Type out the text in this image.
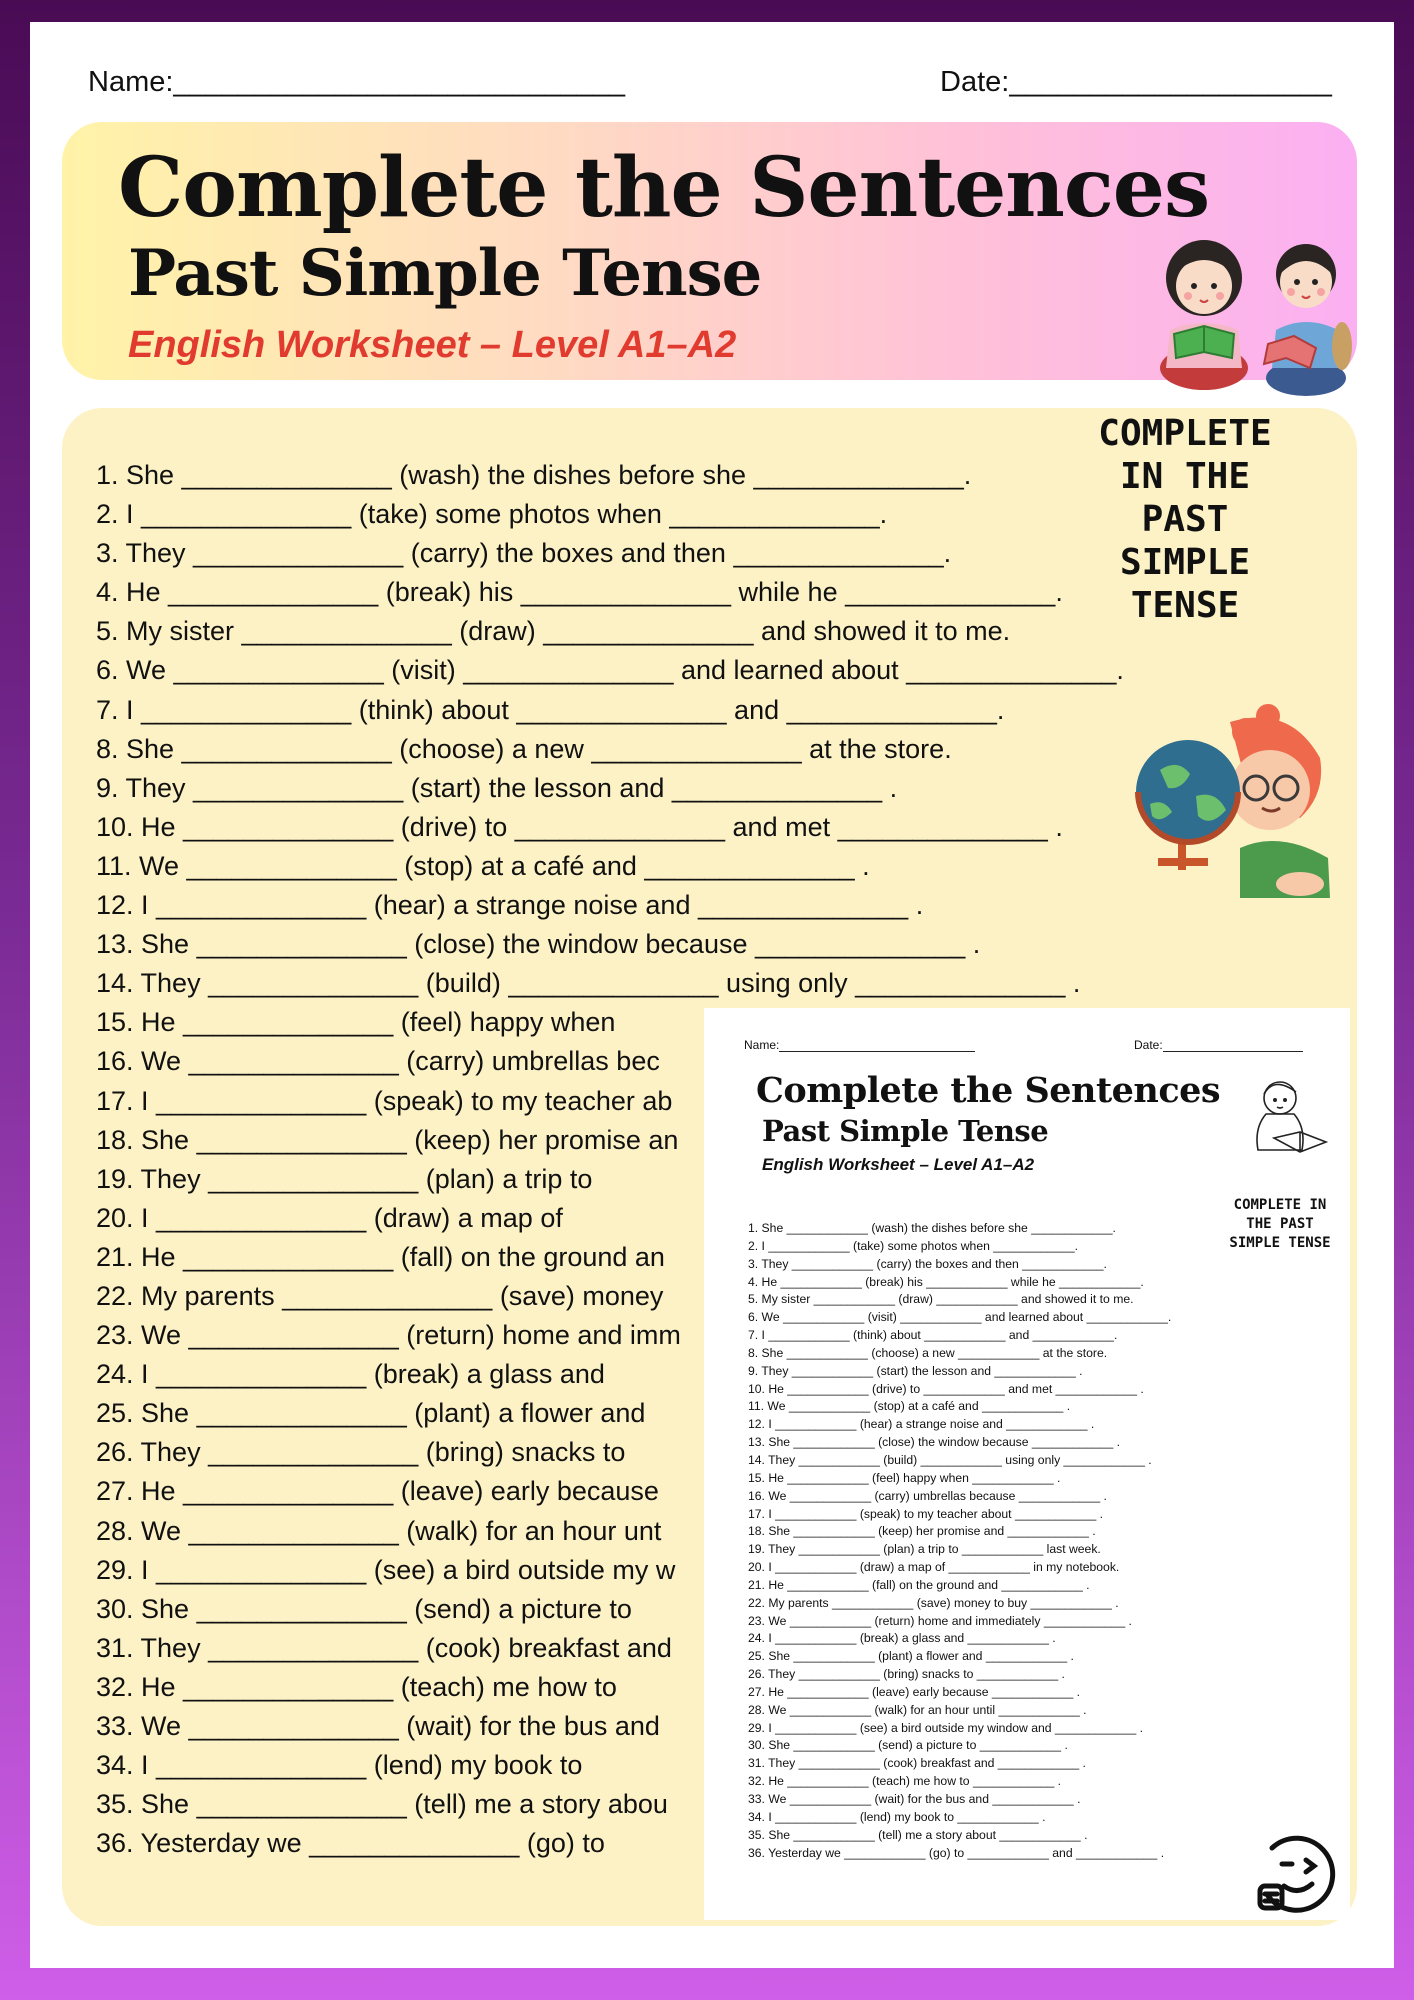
Name:____________________________	Date:____________________
Complete the Sentences
Past Simple Tense
English Worksheet – Level A1–A2
COMPLETE IN THE PAST SIMPLE TENSE
1. She ______________ (wash) the dishes before she ______________.
2. I ______________ (take) some photos when ______________.
3. They ______________ (carry) the boxes and then ______________.
4. He ______________ (break) his ______________ while he ______________.
5. My sister ______________ (draw) ______________ and showed it to me.
6. We ______________ (visit) ______________ and learned about ______________.
7. I ______________ (think) about ______________ and ______________.
8. She ______________ (choose) a new ______________ at the store.
9. They ______________ (start) the lesson and ______________ .
10. He ______________ (drive) to ______________ and met ______________ .
11. We ______________ (stop) at a café and ______________ .
12. I ______________ (hear) a strange noise and ______________ .
13. She ______________ (close) the window because ______________ .
14. They ______________ (build) ______________ using only ______________ .
15. He ______________ (feel) happy when
16. We ______________ (carry) umbrellas bec
17. I ______________ (speak) to my teacher ab
18. She ______________ (keep) her promise an
19. They ______________ (plan) a trip to
20. I ______________ (draw) a map of
21. He ______________ (fall) on the ground an
22. My parents ______________ (save) money
23. We ______________ (return) home and imm
24. I ______________ (break) a glass and
25. She ______________ (plant) a flower and
26. They ______________ (bring) snacks to
27. He ______________ (leave) early because
28. We ______________ (walk) for an hour unt
29. I ______________ (see) a bird outside my w
30. She ______________ (send) a picture to
31. They ______________ (cook) breakfast and
32. He ______________ (teach) me how to
33. We ______________ (wait) for the bus and
34. I ______________ (lend) my book to
35. She ______________ (tell) me a story abou
36. Yesterday we ______________ (go) to
Name:	Date:
Complete the Sentences
Past Simple Tense
English Worksheet – Level A1–A2
COMPLETE IN THE PAST SIMPLE TENSE
1. She ____________ (wash) the dishes before she ____________.
2. I ____________ (take) some photos when ____________.
3. They ____________ (carry) the boxes and then ____________.
4. He ____________ (break) his ____________ while he ____________.
5. My sister ____________ (draw) ____________ and showed it to me.
6. We ____________ (visit) ____________ and learned about ____________.
7. I ____________ (think) about ____________ and ____________.
8. She ____________ (choose) a new ____________ at the store.
9. They ____________ (start) the lesson and ____________ .
10. He ____________ (drive) to ____________ and met ____________ .
11. We ____________ (stop) at a café and ____________ .
12. I ____________ (hear) a strange noise and ____________ .
13. She ____________ (close) the window because ____________ .
14. They ____________ (build) ____________ using only ____________ .
15. He ____________ (feel) happy when ____________ .
16. We ____________ (carry) umbrellas because ____________ .
17. I ____________ (speak) to my teacher about ____________ .
18. She ____________ (keep) her promise and ____________ .
19. They ____________ (plan) a trip to ____________ last week.
20. I ____________ (draw) a map of ____________ in my notebook.
21. He ____________ (fall) on the ground and ____________ .
22. My parents ____________ (save) money to buy ____________ .
23. We ____________ (return) home and immediately ____________ .
24. I ____________ (break) a glass and ____________ .
25. She ____________ (plant) a flower and ____________ .
26. They ____________ (bring) snacks to ____________ .
27. He ____________ (leave) early because ____________ .
28. We ____________ (walk) for an hour until ____________ .
29. I ____________ (see) a bird outside my window and ____________ .
30. She ____________ (send) a picture to ____________ .
31. They ____________ (cook) breakfast and ____________ .
32. He ____________ (teach) me how to ____________ .
33. We ____________ (wait) for the bus and ____________ .
34. I ____________ (lend) my book to ____________ .
35. She ____________ (tell) me a story about ____________ .
36. Yesterday we ____________ (go) to ____________ and ____________ .
